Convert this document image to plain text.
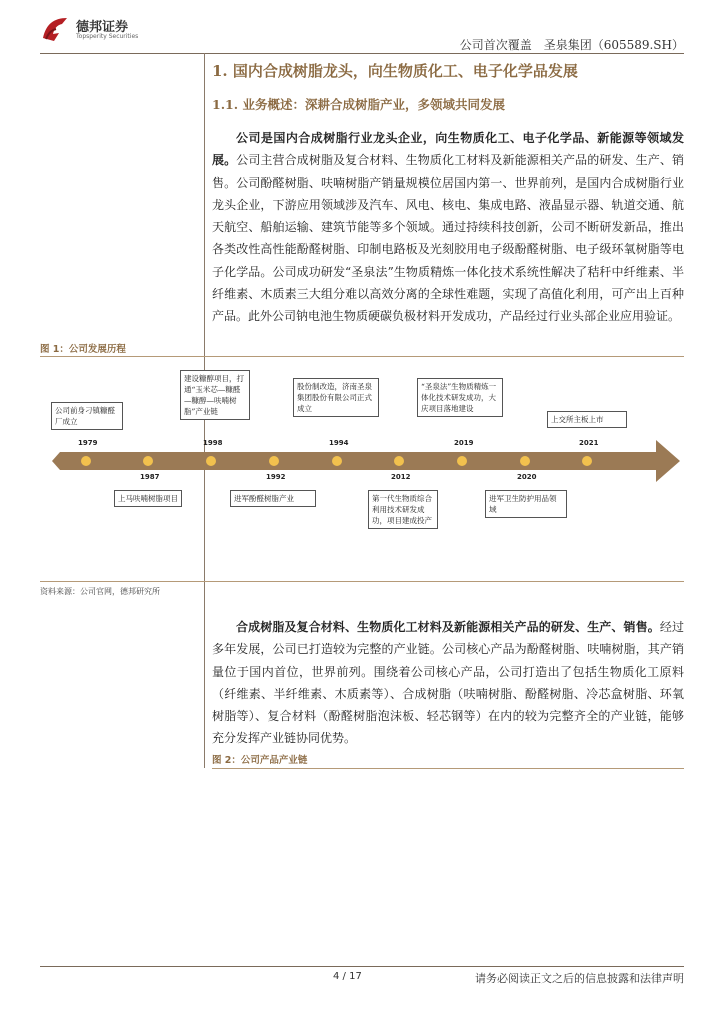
德邦证券
Topsperity Securities
公司首次覆盖　圣泉集团（605589.SH）
1. 国内合成树脂龙头，向生物质化工、电子化学品发展
1.1. 业务概述：深耕合成树脂产业，多领域共同发展
公司是国内合成树脂行业龙头企业，向生物质化工、电子化学品、新能源等领域发展。公司主营合成树脂及复合材料、生物质化工材料及新能源相关产品的研发、生产、销售。公司酚醛树脂、呋喃树脂产销量规模位居国内第一、世界前列，是国内合成树脂行业龙头企业，下游应用领域涉及汽车、风电、核电、集成电路、液晶显示器、轨道交通、航天航空、船舶运输、建筑节能等多个领域。通过持续科技创新，公司不断研发新品，推出各类改性高性能酚醛树脂、印制电路板及光刻胶用电子级酚醛树脂、电子级环氧树脂等电子化学品。公司成功研发“圣泉法”生物质精炼一体化技术系统性解决了秸秆中纤维素、半纤维素、木质素三大组分难以高效分离的全球性难题，实现了高值化利用，可产出上百种产品。此外公司钠电池生物质硬碳负极材料开发成功，产品经过行业头部企业应用验证。
图 1：公司发展历程
1979	1998	1994	2019	2021
1987	1992	2012	2020
公司前身刁镇糠醛厂成立
建设糠醇项目，打通“玉米芯—糠醛—糠醇—呋喃树脂”产业链
股份制改造，济南圣泉集团股份有限公司正式成立
“圣泉法”生物质精炼一体化技术研发成功，大庆项目落地建设
上交所主板上市
上马呋喃树脂项目	进军酚醛树脂产业	第一代生物质综合利用技术研发成功，项目建成投产
进军卫生防护用品领域
资料来源：公司官网，德邦研究所
合成树脂及复合材料、生物质化工材料及新能源相关产品的研发、生产、销售。经过多年发展，公司已打造较为完整的产业链。公司核心产品为酚醛树脂、呋喃树脂，其产销量位于国内首位，世界前列。围绕着公司核心产品，公司打造出了包括生物质化工原料（纤维素、半纤维素、木质素等）、合成树脂（呋喃树脂、酚醛树脂、冷芯盒树脂、环氧树脂等）、复合材料（酚醛树脂泡沫板、轻芯钢等）在内的较为完整齐全的产业链，能够充分发挥产业链协同优势。
图 2：公司产品产业链
4 / 17	请务必阅读正文之后的信息披露和法律声明
